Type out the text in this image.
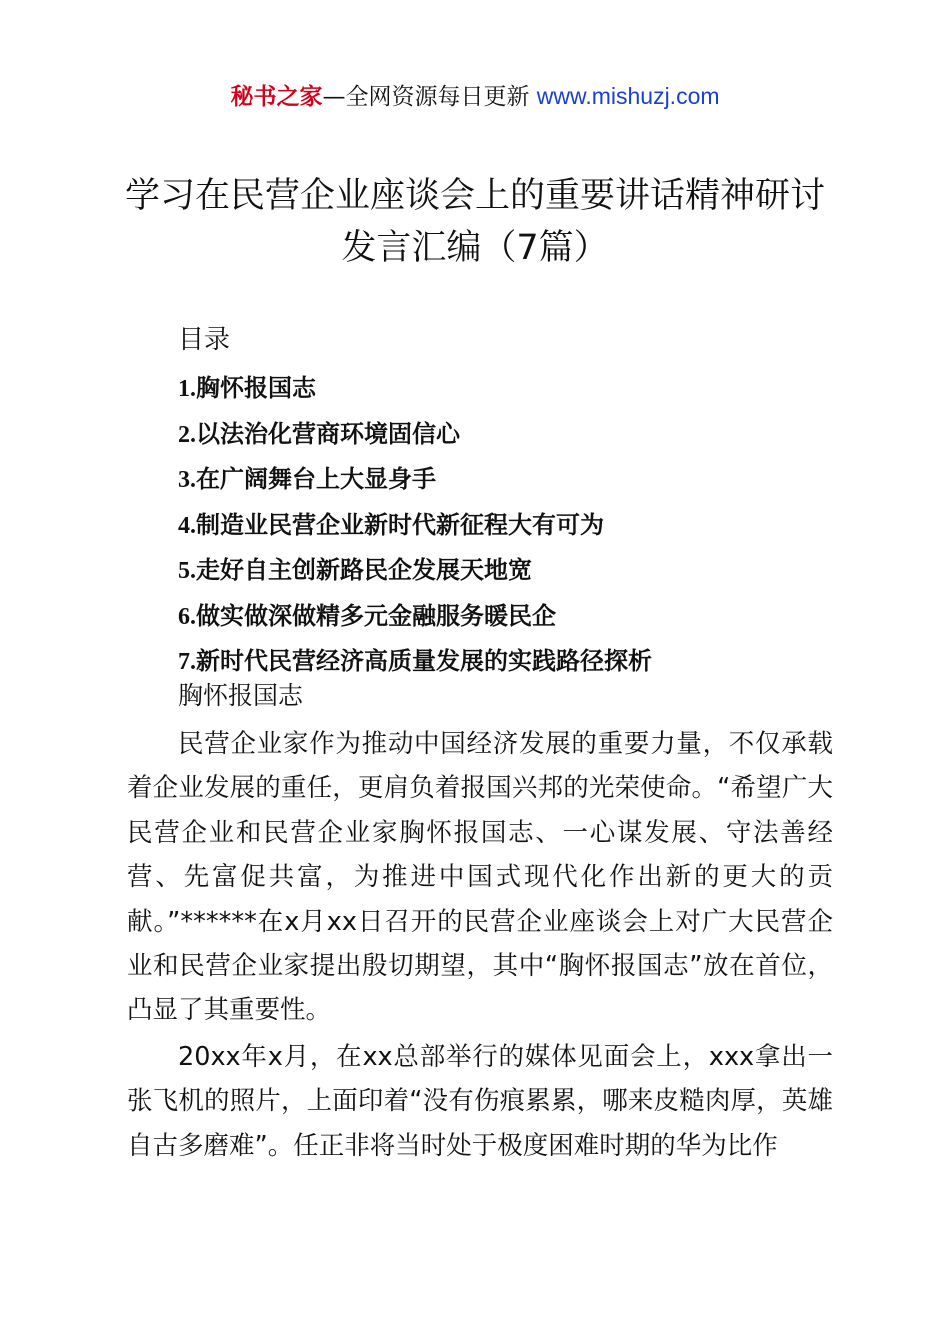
秘书之家—全网资源每日更新 www.mishuzj.com
学习在民营企业座谈会上的重要讲话精神研讨
发言汇编（7篇）
目录
1.胸怀报国志
2.以法治化营商环境固信心
3.在广阔舞台上大显身手
4.制造业民营企业新时代新征程大有可为
5.走好自主创新路民企发展天地宽
6.做实做深做精多元金融服务暖民企
7.新时代民营经济高质量发展的实践路径探析
胸怀报国志

民营企业家作为推动中国经济发展的重要力量，不仅承载着企业发展的重任，更肩负着报国兴邦的光荣使命。“希望广大民营企业和民营企业家胸怀报国志、一心谋发展、守法善经营、先富促共富，为推进中国式现代化作出新的更大的贡献。”******在x月xx日召开的民营企业座谈会上对广大民营企业和民营企业家提出殷切期望，其中“胸怀报国志”放在首位，凸显了其重要性。

20xx年x月，在xx总部举行的媒体见面会上，xxx拿出一张飞机的照片，上面印着“没有伤痕累累，哪来皮糙肉厚，英雄自古多磨难”。任正非将当时处于极度困难时期的华为比作
